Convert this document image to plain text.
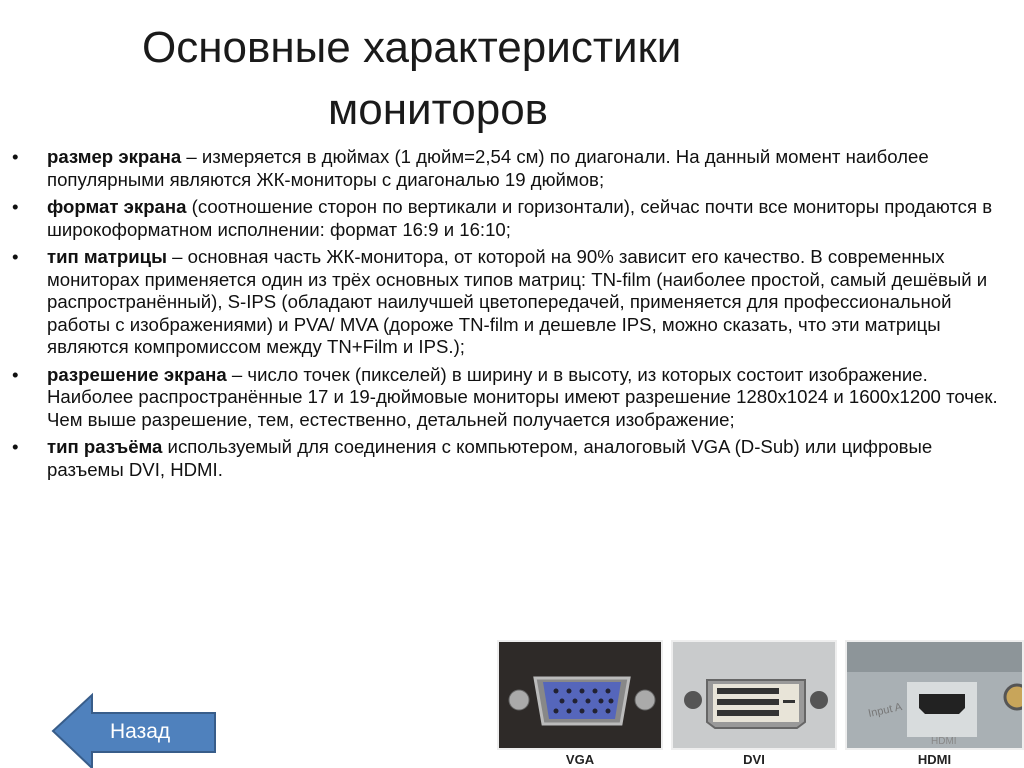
Основные характеристики
мониторов
• размер экрана – измеряется в дюймах (1 дюйм=2,54 см) по диагонали. На данный момент наиболее популярными являются ЖК-мониторы с диагональю 19 дюймов;
• формат экрана (соотношение сторон по вертикали и горизонтали), сейчас почти все мониторы продаются в широкоформатном исполнении: формат 16:9 и 16:10;
• тип матрицы – основная часть ЖК-монитора, от которой на 90% зависит его качество. В современных мониторах применяется один из трёх основных типов матриц: TN-film (наиболее простой, самый дешёвый и распространённый), S-IPS (обладают наилучшей цветопередачей, применяется для профессиональной работы с изображениями) и PVA/ MVA (дороже TN-film и дешевле IPS, можно сказать, что эти матрицы являются компромиссом между TN+Film и IPS.);
• разрешение экрана – число точек (пикселей) в ширину и в высоту, из которых состоит изображение. Наиболее распространённые 17 и 19-дюймовые мониторы имеют разрешение 1280x1024 и 1600x1200 точек. Чем выше разрешение, тем, естественно, детальней получается изображение;
• тип разъёма используемый для соединения с компьютером, аналоговый VGA (D-Sub) или цифровые разъемы DVI, HDMI.
VGA	DVI
Input A
HDMI
HDMI
Назад
